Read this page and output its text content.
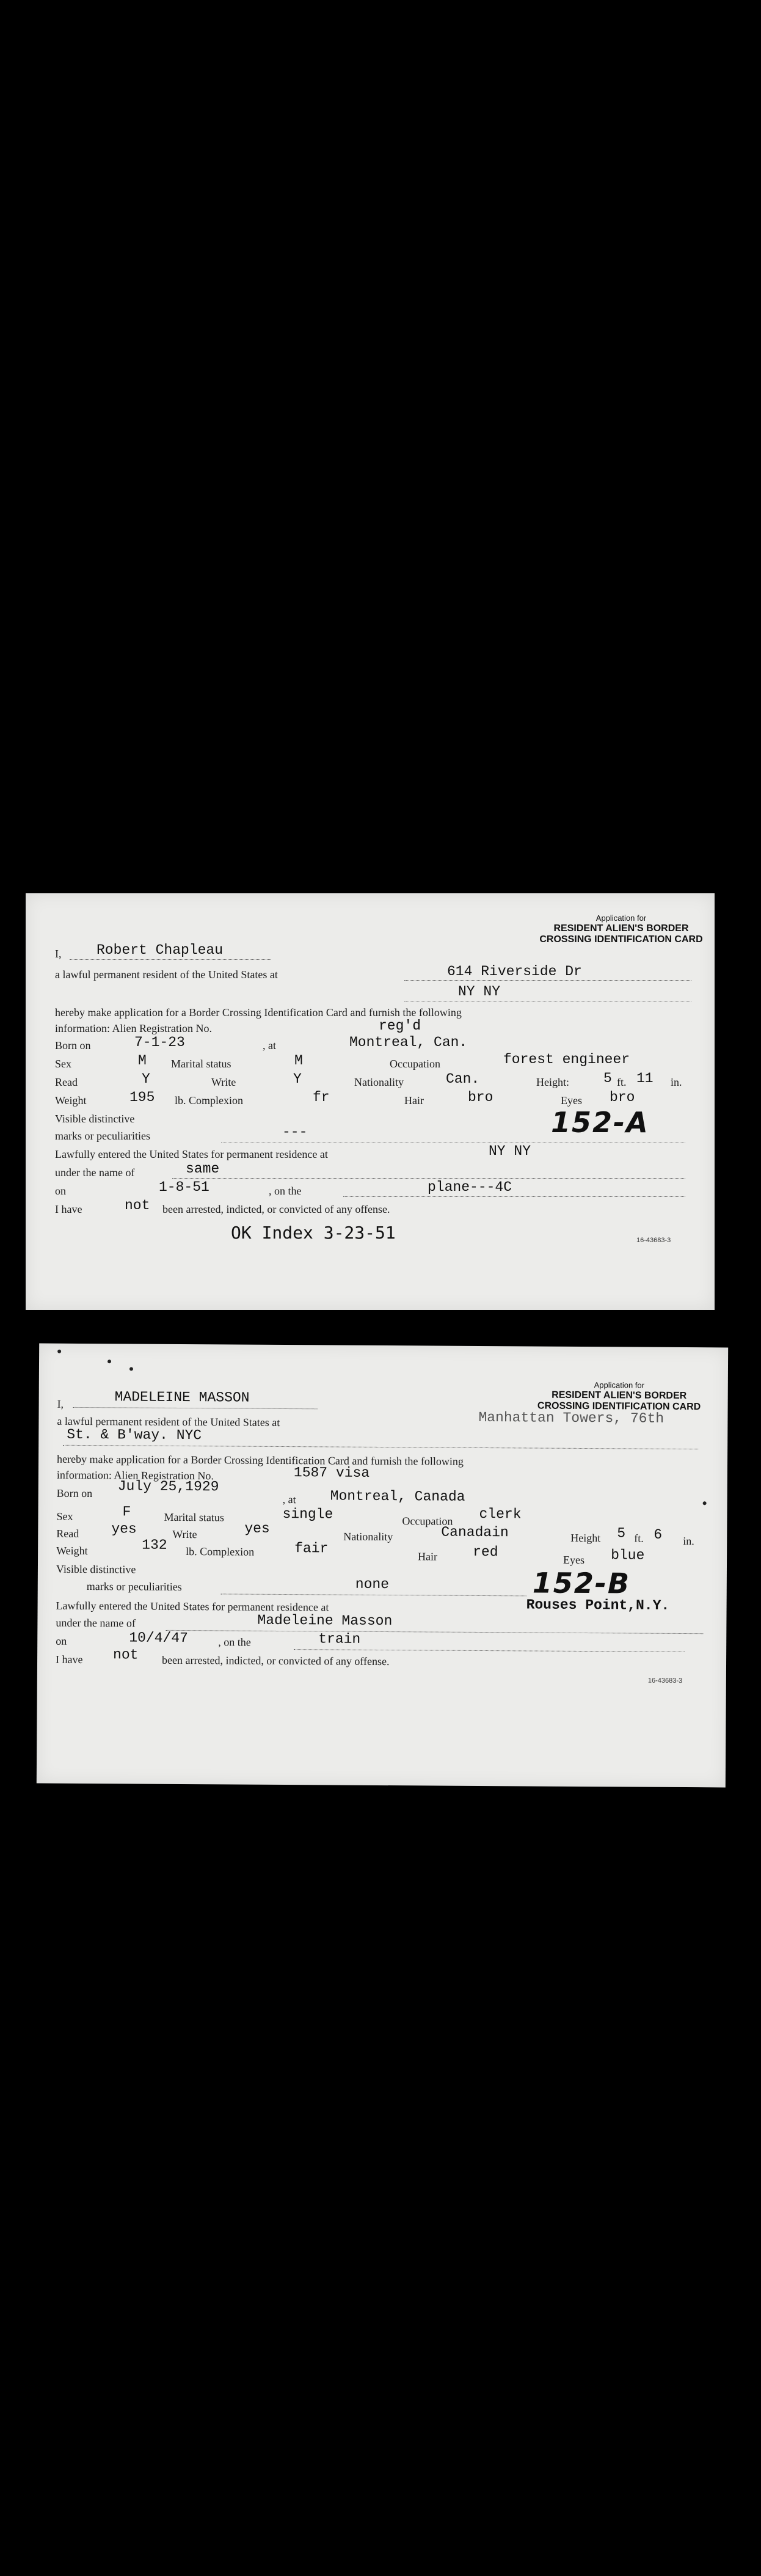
Application for
RESIDENT ALIEN'S BORDER
CROSSING IDENTIFICATION CARD
I,	Robert Chapleau
a lawful permanent resident of the United States at	614 Riverside Dr
NY NY
hereby make application for a Border Crossing Identification Card and furnish the following
information: Alien Registration No.	reg'd
Born on	7-1-23	, at	Montreal, Can.
Sex	M Marital status	M	Occupation	forest engineer
Read	Y	Write	Y	Nationality	Can.	Height: 5 ft. 11 in.
Weight	195 lb. Complexion	fr	Hair	bro	Eyes bro
Visible distinctive
marks or peculiarities	---	152-A
Lawfully entered the United States for permanent residence at	NY NY
under the name of	same
on	1-8-51	, on the	plane---4C
I have	not been arrested, indicted, or convicted of any offense.
OK Index 3-23-51	16-43683-3
Application for
RESIDENT ALIEN'S BORDER
CROSSING IDENTIFICATION CARD
I,	MADELEINE MASSON
a lawful permanent resident of the United States at	Manhattan Towers, 76th
St. & B'way. NYC
hereby make application for a Border Crossing Identification Card and furnish the following
information: Alien Registration No.	1587 visa
Born on July 25,1929
, at Montreal, Canada
Sex	F	Marital status	single	Occupation clerk
Read yes	Write	yes	Nationality	Canadain	Height 5 ft. 6 in.
Weight	132 lb. Complexion	fair	Hair	red	Eyes blue
Visible distinctive
marks or peculiarities	none	152-B
Lawfully entered the United States for permanent residence at	Rouses Point,N.Y.
under the name of	Madeleine Masson
on	10/4/47	, on the	train
I have not been arrested, indicted, or convicted of any offense.
16-43683-3
